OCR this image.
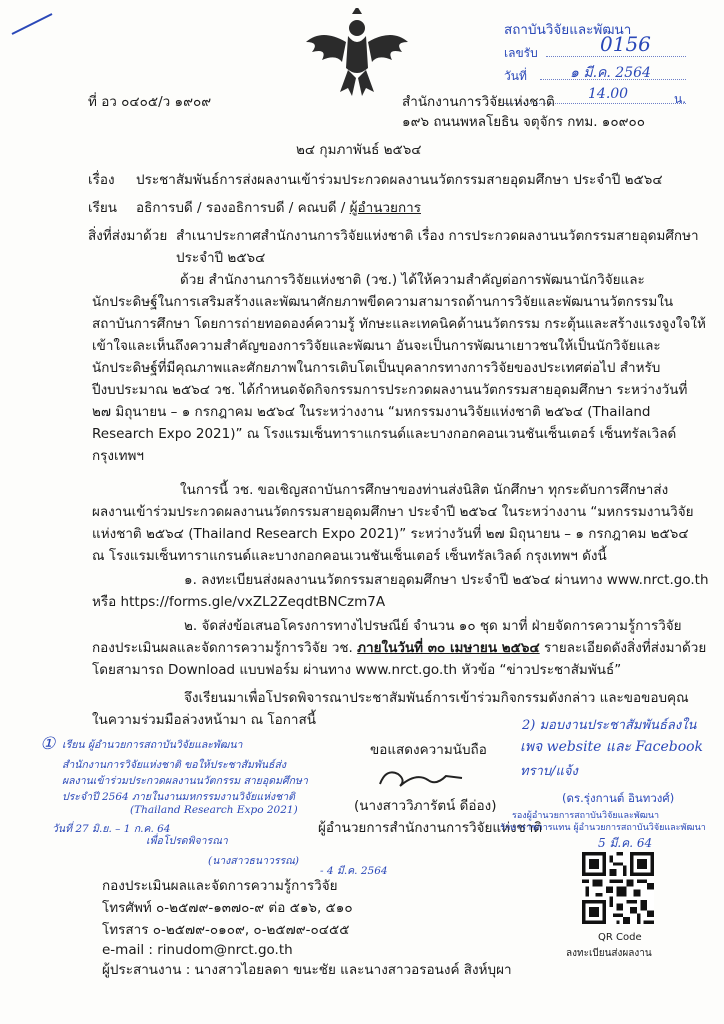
สถาบันวิจัยและพัฒนา
เลขรับ	0156
วันที่	๑ มี.ค. 2564
14.00	น.
ที่ อว ๐๔๐๕/ว ๑๙๐๙	สำนักงานการวิจัยแห่งชาติ
๑๙๖ ถนนพหลโยธิน จตุจักร กทม. ๑๐๙๐๐
๒๔ กุมภาพันธ์ ๒๕๖๔
เรื่อง ประชาสัมพันธ์การส่งผลงานเข้าร่วมประกวดผลงานนวัตกรรมสายอุดมศึกษา ประจำปี ๒๕๖๔
เรียน อธิการบดี / รองอธิการบดี / คณบดี / ผู้อำนวยการ
สิ่งที่ส่งมาด้วย สำเนาประกาศสำนักงานการวิจัยแห่งชาติ เรื่อง การประกวดผลงานนวัตกรรมสายอุดมศึกษา
ประจำปี ๒๕๖๔
ด้วย สำนักงานการวิจัยแห่งชาติ (วช.) ได้ให้ความสำคัญต่อการพัฒนานักวิจัยและ
นักประดิษฐ์ในการเสริมสร้างและพัฒนาศักยภาพขีดความสามารถด้านการวิจัยและพัฒนานวัตกรรมใน
สถาบันการศึกษา โดยการถ่ายทอดองค์ความรู้ ทักษะและเทคนิคด้านนวัตกรรม กระตุ้นและสร้างแรงจูงใจให้
เข้าใจและเห็นถึงความสำคัญของการวิจัยและพัฒนา อันจะเป็นการพัฒนาเยาวชนให้เป็นนักวิจัยและ
นักประดิษฐ์ที่มีคุณภาพและศักยภาพในการเติบโตเป็นบุคลากรทางการวิจัยของประเทศต่อไป สำหรับ
ปีงบประมาณ ๒๕๖๔ วช. ได้กำหนดจัดกิจกรรมการประกวดผลงานนวัตกรรมสายอุดมศึกษา ระหว่างวันที่
๒๗ มิถุนายน – ๑ กรกฎาคม ๒๕๖๔ ในระหว่างงาน “มหกรรมงานวิจัยแห่งชาติ ๒๕๖๔ (Thailand
Research Expo 2021)” ณ โรงแรมเซ็นทาราแกรนด์และบางกอกคอนเวนชันเซ็นเตอร์ เซ็นทรัลเวิลด์
กรุงเทพฯ
ในการนี้ วช. ขอเชิญสถาบันการศึกษาของท่านส่งนิสิต นักศึกษา ทุกระดับการศึกษาส่ง
ผลงานเข้าร่วมประกวดผลงานนวัตกรรมสายอุดมศึกษา ประจำปี ๒๕๖๔ ในระหว่างงาน “มหกรรมงานวิจัย
แห่งชาติ ๒๕๖๔ (Thailand Research Expo 2021)” ระหว่างวันที่ ๒๗ มิถุนายน – ๑ กรกฎาคม ๒๕๖๔
ณ โรงแรมเซ็นทาราแกรนด์และบางกอกคอนเวนชันเซ็นเตอร์ เซ็นทรัลเวิลด์ กรุงเทพฯ ดังนี้
๑. ลงทะเบียนส่งผลงานนวัตกรรมสายอุดมศึกษา ประจำปี ๒๕๖๔ ผ่านทาง www.nrct.go.th
หรือ https://forms.gle/vxZL2ZeqdtBNCzm7A
๒. จัดส่งข้อเสนอโครงการทางไปรษณีย์ จำนวน ๑๐ ชุด มาที่ ฝ่ายจัดการความรู้การวิจัย
กองประเมินผลและจัดการความรู้การวิจัย วช. ภายในวันที่ ๓๐ เมษายน ๒๕๖๔ รายละเอียดดังสิ่งที่ส่งมาด้วย
โดยสามารถ Download แบบฟอร์ม ผ่านทาง www.nrct.go.th หัวข้อ “ข่าวประชาสัมพันธ์”
จึงเรียนมาเพื่อโปรดพิจารณาประชาสัมพันธ์การเข้าร่วมกิจกรรมดังกล่าว และขอขอบคุณ
ในความร่วมมือล่วงหน้ามา ณ โอกาสนี้
ขอแสดงความนับถือ
(นางสาววิภารัตน์ ดีอ่อง)
ผู้อำนวยการสำนักงานการวิจัยแห่งชาติ
กองประเมินผลและจัดการความรู้การวิจัย
โทรศัพท์ ๐-๒๕๗๙-๑๓๗๐-๙ ต่อ ๕๑๖, ๕๑๐
โทรสาร ๐-๒๕๗๙-๐๑๐๙, ๐-๒๕๗๙-๐๔๕๕
e-mail : rinudom@nrct.go.th
ผู้ประสานงาน : นางสาวไอยลดา ขนะชัย และนางสาวอรอนงค์ สิงห์บุผา
QR Code
ลงทะเบียนส่งผลงาน
① เรียน ผู้อำนวยการสถาบันวิจัยและพัฒนา
สำนักงานการวิจัยแห่งชาติ ขอให้ประชาสัมพันธ์ส่ง
ผลงานเข้าร่วมประกวดผลงานนวัตกรรม สายอุดมศึกษา
ประจำปี 2564 ภายในงานมหกรรมงานวิจัยแห่งชาติ
(Thailand Research Expo 2021)
วันที่ 27 มิ.ย. – 1 ก.ค. 64
เพื่อโปรดพิจารณา
(นางสาวธนาวรรณ)
- 4 มี.ค. 2564
2) มอบงานประชาสัมพันธ์ลงใน
เพจ website และ Facebook
ทราบ/แจ้ง
(ดร.รุ่งกานต์ อินทวงศ์)
รองผู้อำนวยการสถาบันวิจัยและพัฒนา
รักษาราชการแทน ผู้อำนวยการสถาบันวิจัยและพัฒนา
5 มี.ค. 64
